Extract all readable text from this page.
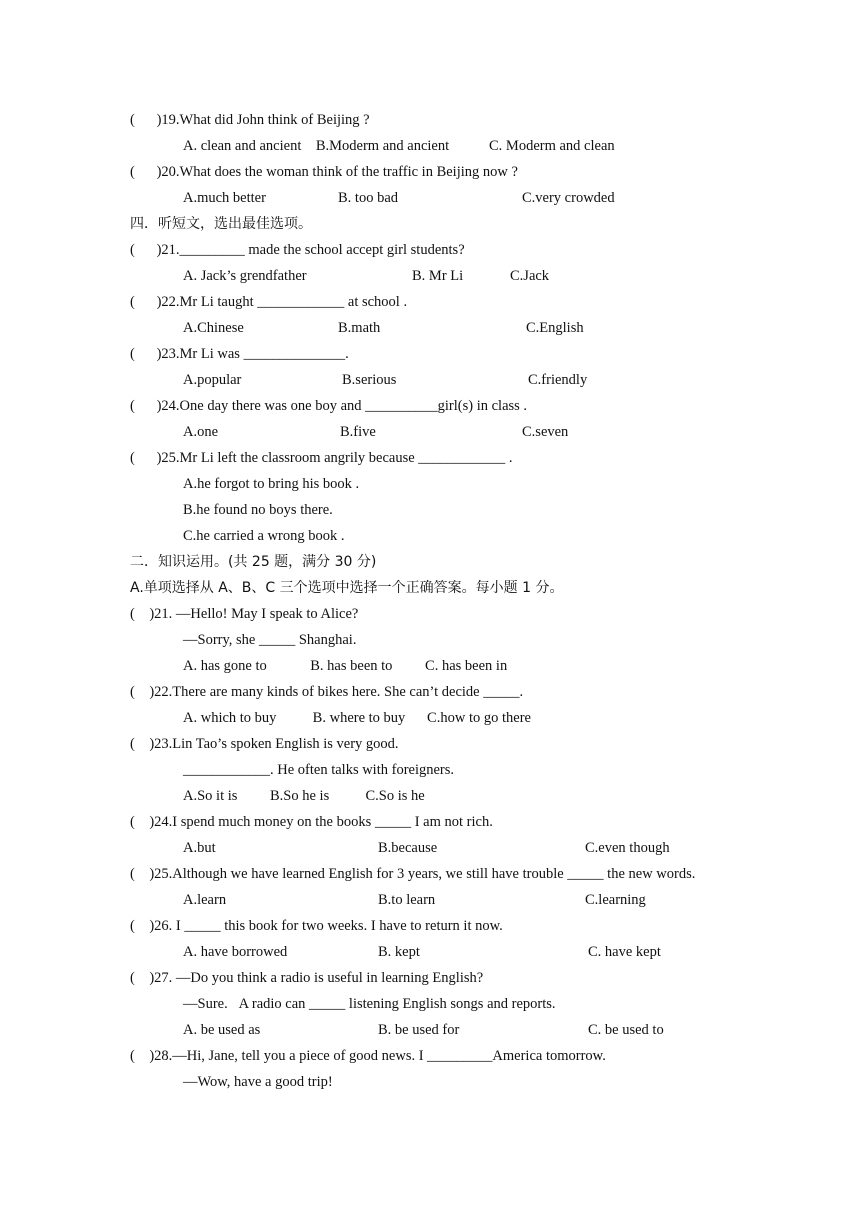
(      )19.What did John think of Beijing ?
A. clean and ancient    B.Moderm and ancient           C. Moderm and clean
(      )20.What does the woman think of the traffic in Beijing now ?
四．听短文，选出最佳选项。
(      )21._________ made the school accept girl students?
(      )22.Mr Li taught ____________ at school .
(      )23.Mr Li was ______________.
(      )24.One day there was one boy and __________girl(s) in class .
(      )25.Mr Li left the classroom angrily because ____________ .
A.he forgot to bring his book .
B.he found no boys there.
C.he carried a wrong book .
二．知识运用。(共 25 题，满分 30 分)
A.单项选择从 A、B、C 三个选项中选择一个正确答案。每小题 1 分。
(    )21. —Hello! May I speak to Alice?
—Sorry, she _____ Shanghai.
A. has gone to            B. has been to         C. has been in
(    )22.There are many kinds of bikes here. She can’t decide _____.
A. which to buy          B. where to buy      C.how to go there
(    )23.Lin Tao’s spoken English is very good.
____________. He often talks with foreigners.
A.So it is         B.So he is          C.So is he
(    )24.I spend much money on the books _____ I am not rich.
(    )25.Although we have learned English for 3 years, we still have trouble _____ the new words.
(    )26. I _____ this book for two weeks. I have to return it now.
(    )27. —Do you think a radio is useful in learning English?
—Sure.   A radio can _____ listening English songs and reports.
(    )28.—Hi, Jane, tell you a piece of good news. I _________America tomorrow.
—Wow, have a good trip!
A.much better	B. too bad	C.very crowded
A. Jack’s grendfather	B. Mr Li	C.Jack
A.Chinese	B.math	C.English
A.popular	B.serious	C.friendly
A.one	B.five	C.seven
A.but	B.because	C.even though
A.learn	B.to learn	C.learning
A. have borrowed	B. kept	C. have kept
A. be used as	B. be used for	C. be used to
